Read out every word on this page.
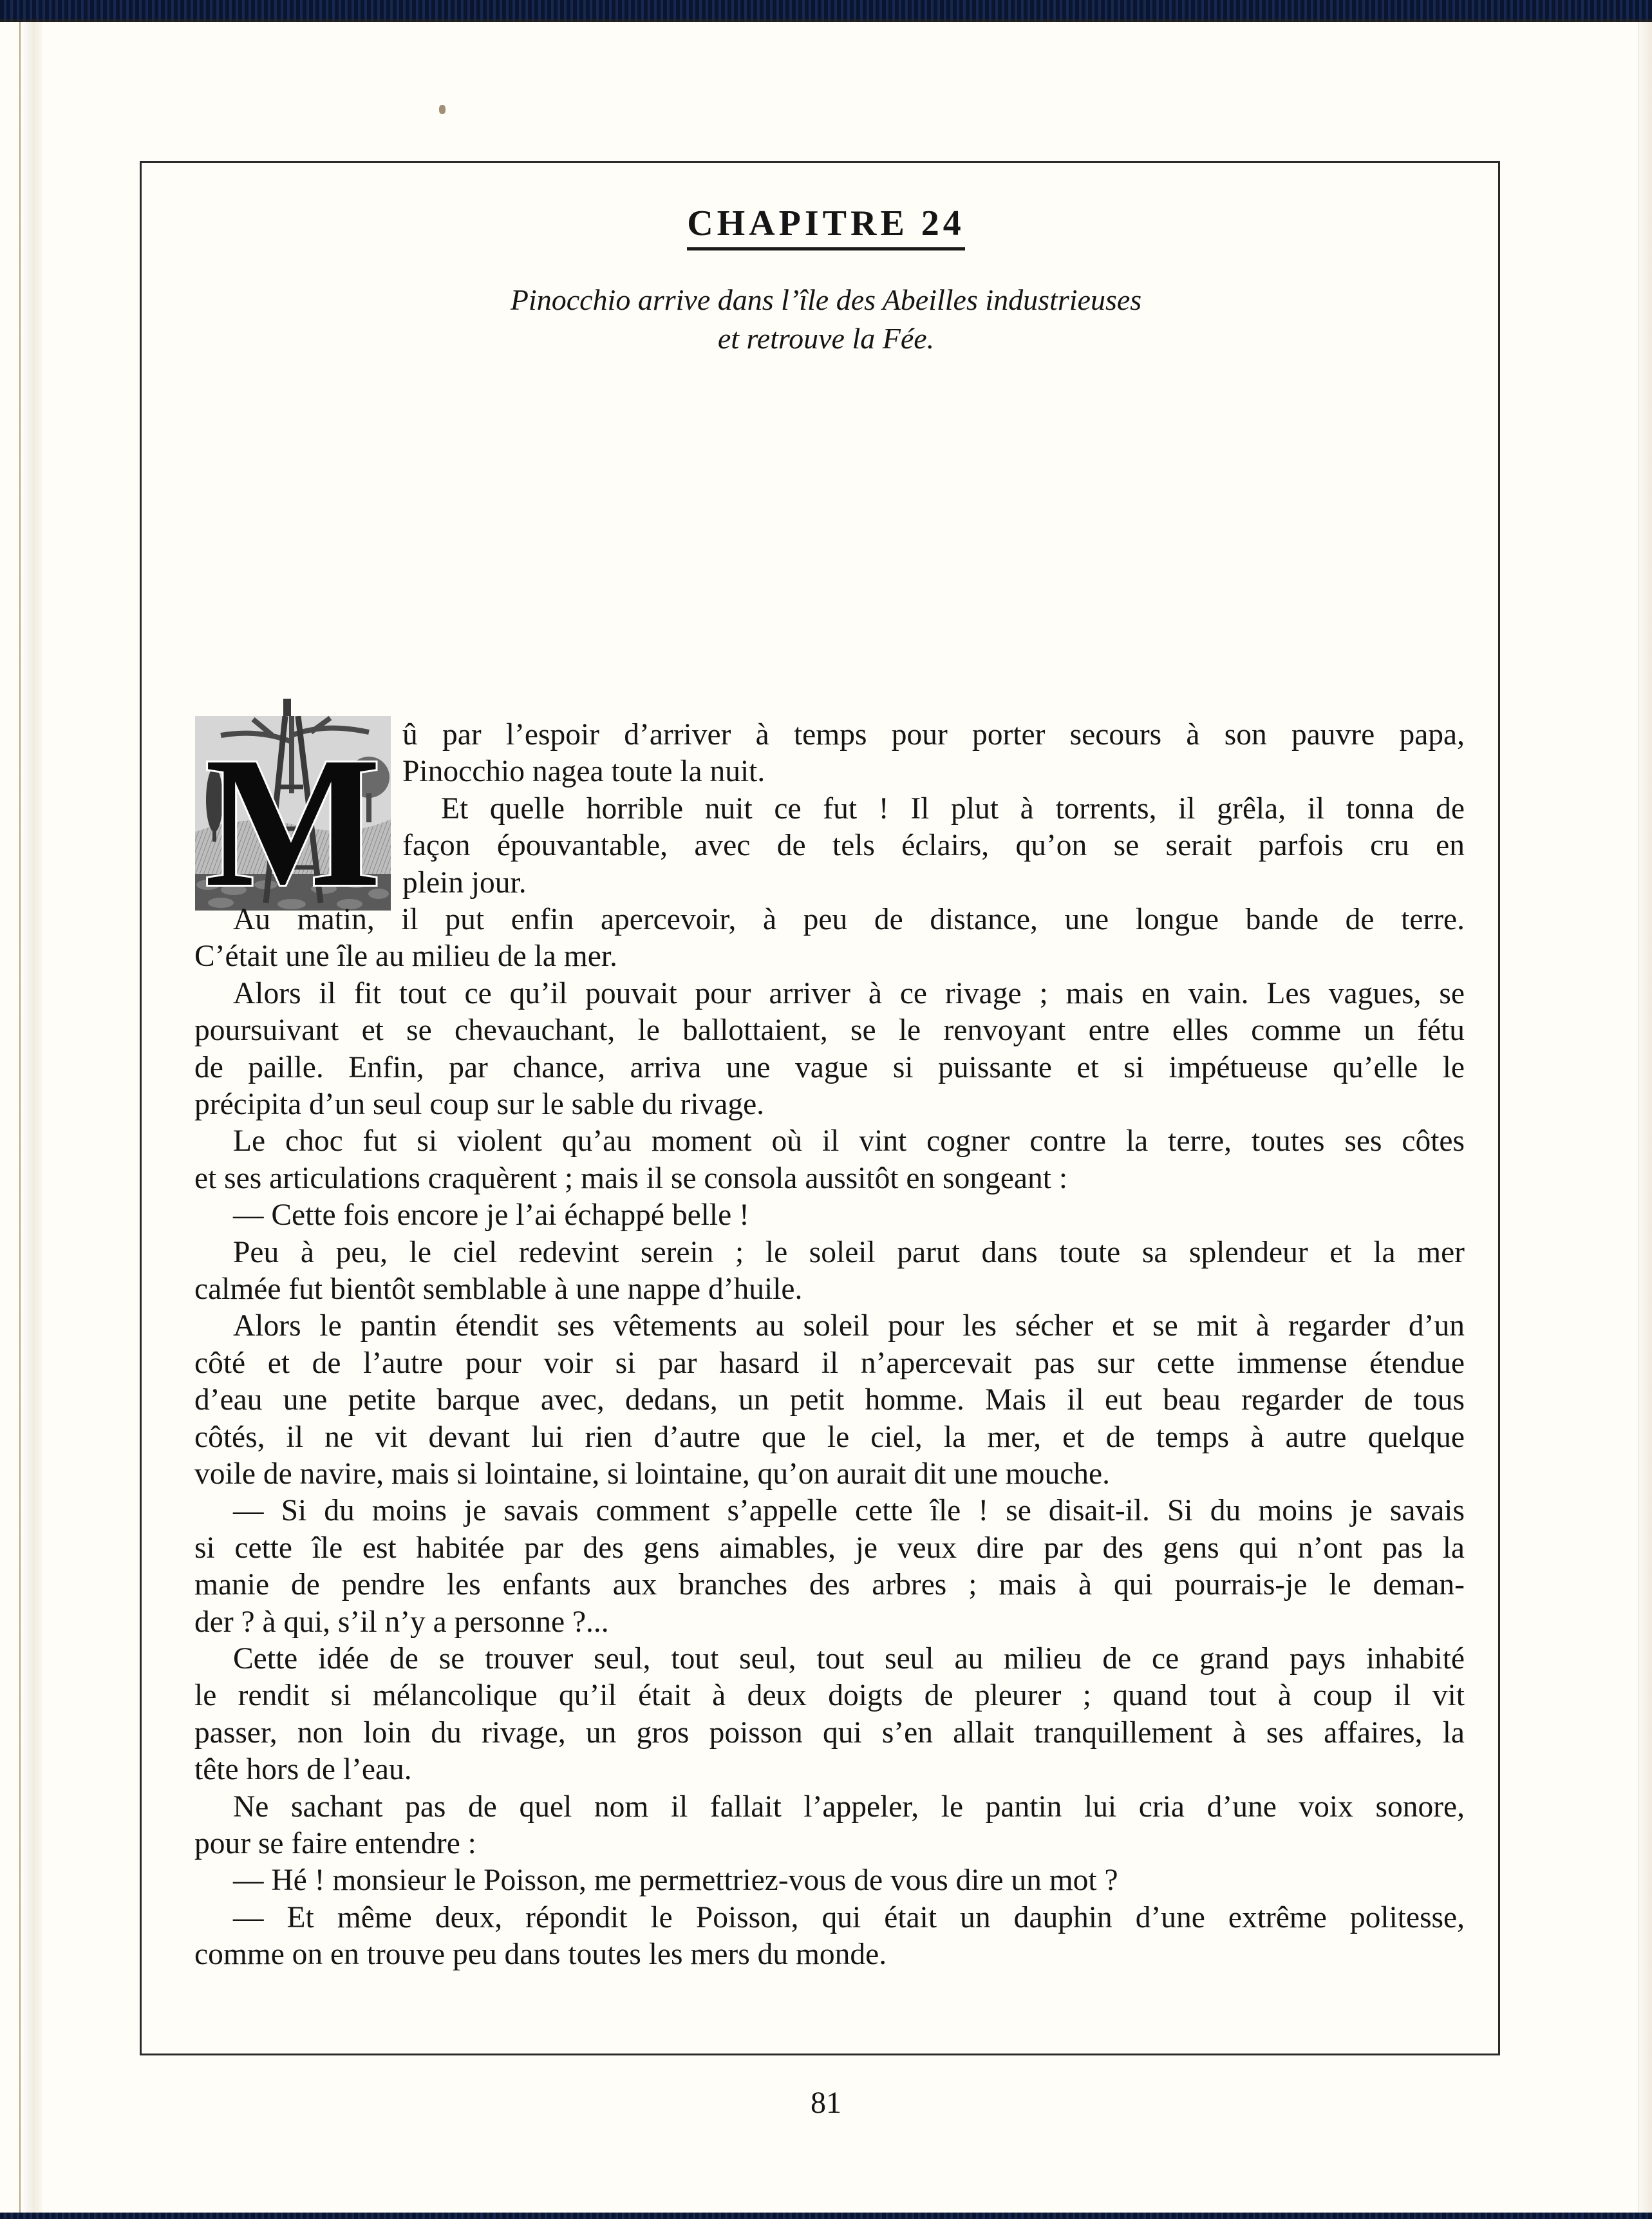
CHAPITRE 24
Pinocchio arrive dans l’île des Abeilles industrieuses
et retrouve la Fée.
M û par l’espoir d’arriver à temps pour porter secours à son pauvre papa,
Pinocchio nagea toute la nuit.
Et quelle horrible nuit ce fut ! Il plut à torrents, il grêla, il tonna de
façon épouvantable, avec de tels éclairs, qu’on se serait parfois cru en
plein jour.
Au matin, il put enfin apercevoir, à peu de distance, une longue bande de terre.
C’était une île au milieu de la mer.
Alors il fit tout ce qu’il pouvait pour arriver à ce rivage ; mais en vain. Les vagues, se
poursuivant et se chevauchant, le ballottaient, se le renvoyant entre elles comme un fétu
de paille. Enfin, par chance, arriva une vague si puissante et si impétueuse qu’elle le
précipita d’un seul coup sur le sable du rivage.
Le choc fut si violent qu’au moment où il vint cogner contre la terre, toutes ses côtes
et ses articulations craquèrent ; mais il se consola aussitôt en songeant :
— Cette fois encore je l’ai échappé belle !
Peu à peu, le ciel redevint serein ; le soleil parut dans toute sa splendeur et la mer
calmée fut bientôt semblable à une nappe d’huile.
Alors le pantin étendit ses vêtements au soleil pour les sécher et se mit à regarder d’un
côté et de l’autre pour voir si par hasard il n’apercevait pas sur cette immense étendue
d’eau une petite barque avec, dedans, un petit homme. Mais il eut beau regarder de tous
côtés, il ne vit devant lui rien d’autre que le ciel, la mer, et de temps à autre quelque
voile de navire, mais si lointaine, si lointaine, qu’on aurait dit une mouche.
— Si du moins je savais comment s’appelle cette île ! se disait-il. Si du moins je savais
si cette île est habitée par des gens aimables, je veux dire par des gens qui n’ont pas la
manie de pendre les enfants aux branches des arbres ; mais à qui pourrais-je le deman-
der ? à qui, s’il n’y a personne ?...
Cette idée de se trouver seul, tout seul, tout seul au milieu de ce grand pays inhabité
le rendit si mélancolique qu’il était à deux doigts de pleurer ; quand tout à coup il vit
passer, non loin du rivage, un gros poisson qui s’en allait tranquillement à ses affaires, la
tête hors de l’eau.
Ne sachant pas de quel nom il fallait l’appeler, le pantin lui cria d’une voix sonore,
pour se faire entendre :
— Hé ! monsieur le Poisson, me permettriez-vous de vous dire un mot ?
— Et même deux, répondit le Poisson, qui était un dauphin d’une extrême politesse,
comme on en trouve peu dans toutes les mers du monde.
81
